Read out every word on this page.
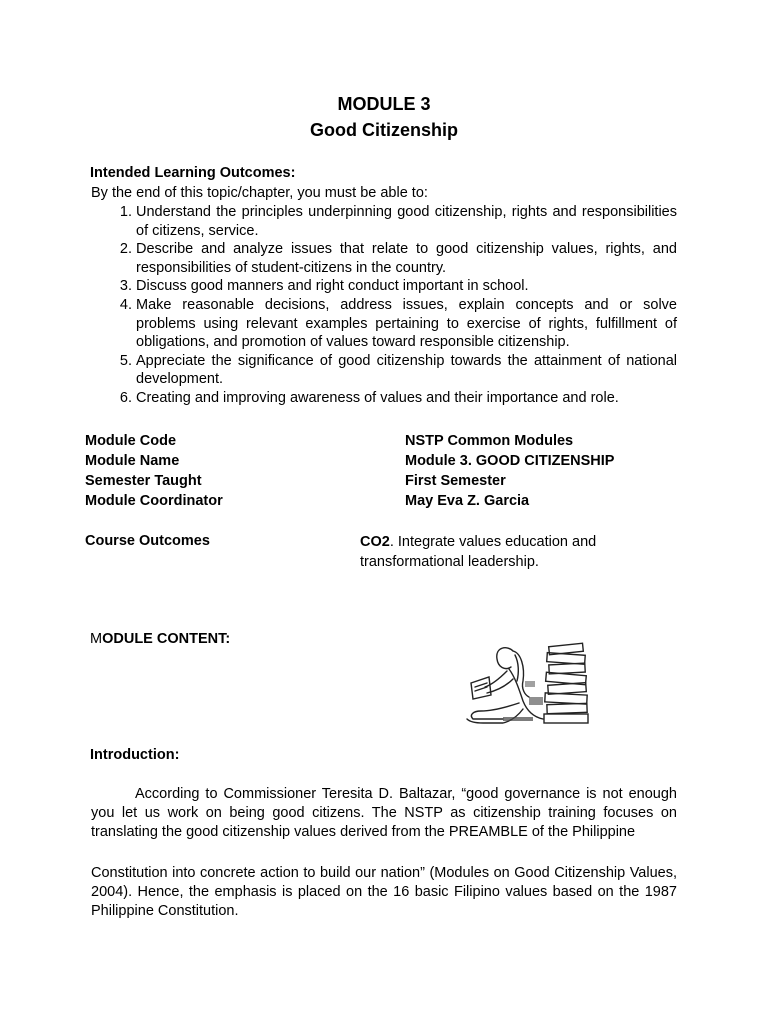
MODULE 3
Good Citizenship
Intended Learning Outcomes:
By the end of this topic/chapter, you must be able to:
1. Understand the principles underpinning good citizenship, rights and responsibilities of citizens, service.
2. Describe and analyze issues that relate to good citizenship values, rights, and responsibilities of student-citizens in the country.
3. Discuss good manners and right conduct important in school.
4. Make reasonable decisions, address issues, explain concepts and or solve problems using relevant examples pertaining to exercise of rights, fulfillment of obligations, and promotion of values toward responsible citizenship.
5. Appreciate the significance of good citizenship towards the attainment of national development.
6. Creating and improving awareness of values and their importance and role.
Module Code	NSTP Common Modules
Module Name	Module 3. GOOD CITIZENSHIP
Semester Taught	First Semester
Module Coordinator	May Eva Z. Garcia
Course Outcomes	CO2. Integrate values education and transformational leadership.
MODULE CONTENT:
Introduction:

According to Commissioner Teresita D. Baltazar, “good governance is not enough you let us work on being good citizens. The NSTP as citizenship training focuses on translating the good citizenship values derived from the PREAMBLE of the Philippine

Constitution into concrete action to build our nation” (Modules on Good Citizenship Values, 2004). Hence, the emphasis is placed on the 16 basic Filipino values based on the 1987 Philippine Constitution.
